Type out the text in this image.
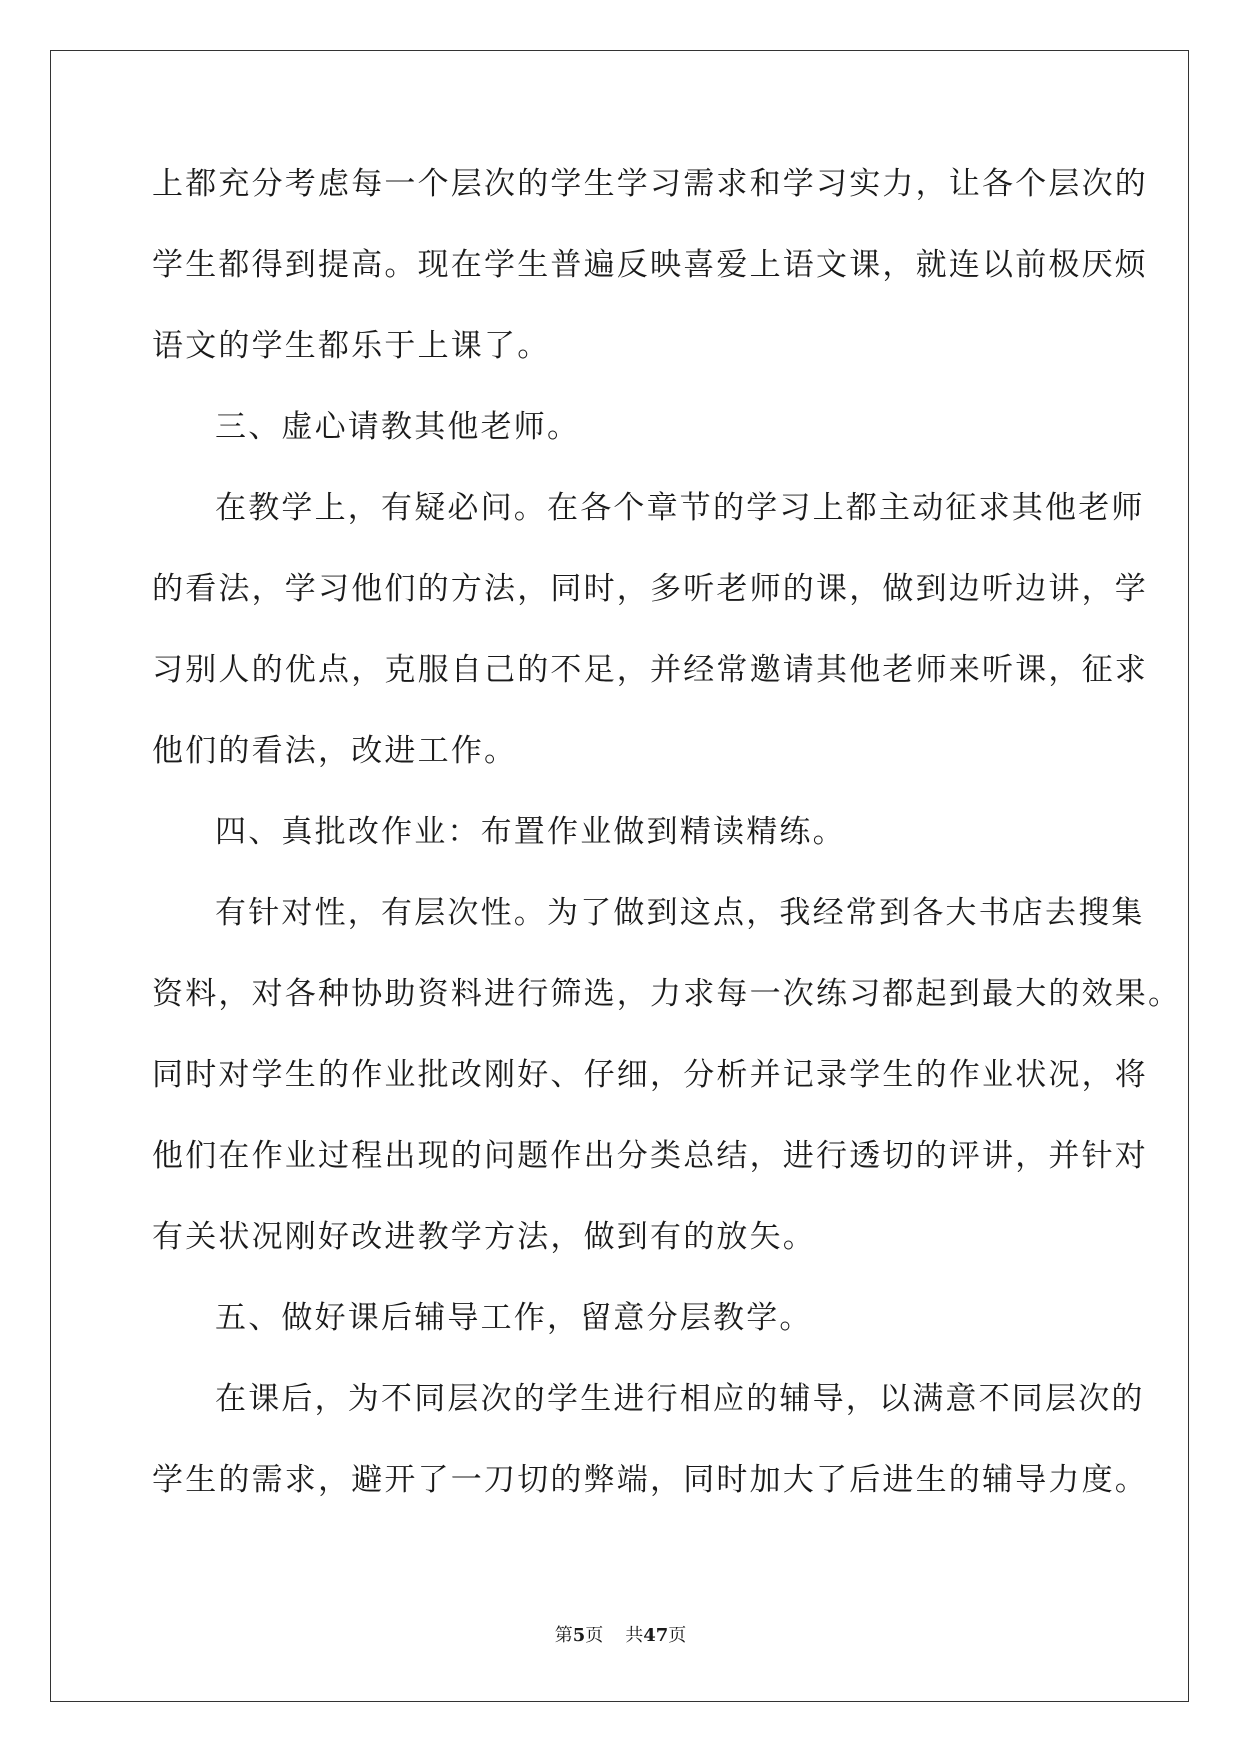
上都充分考虑每一个层次的学生学习需求和学习实力，让各个层次的
学生都得到提高。现在学生普遍反映喜爱上语文课，就连以前极厌烦
语文的学生都乐于上课了。
三、虚心请教其他老师。
在教学上，有疑必问。在各个章节的学习上都主动征求其他老师
的看法，学习他们的方法，同时，多听老师的课，做到边听边讲，学
习别人的优点，克服自己的不足，并经常邀请其他老师来听课，征求
他们的看法，改进工作。
四、真批改作业：布置作业做到精读精练。
有针对性，有层次性。为了做到这点，我经常到各大书店去搜集
资料，对各种协助资料进行筛选，力求每一次练习都起到最大的效果。
同时对学生的作业批改刚好、仔细，分析并记录学生的作业状况，将
他们在作业过程出现的问题作出分类总结，进行透切的评讲，并针对
有关状况刚好改进教学方法，做到有的放矢。
五、做好课后辅导工作，留意分层教学。
在课后，为不同层次的学生进行相应的辅导，以满意不同层次的
学生的需求，避开了一刀切的弊端，同时加大了后进生的辅导力度。
第5页 共47页
